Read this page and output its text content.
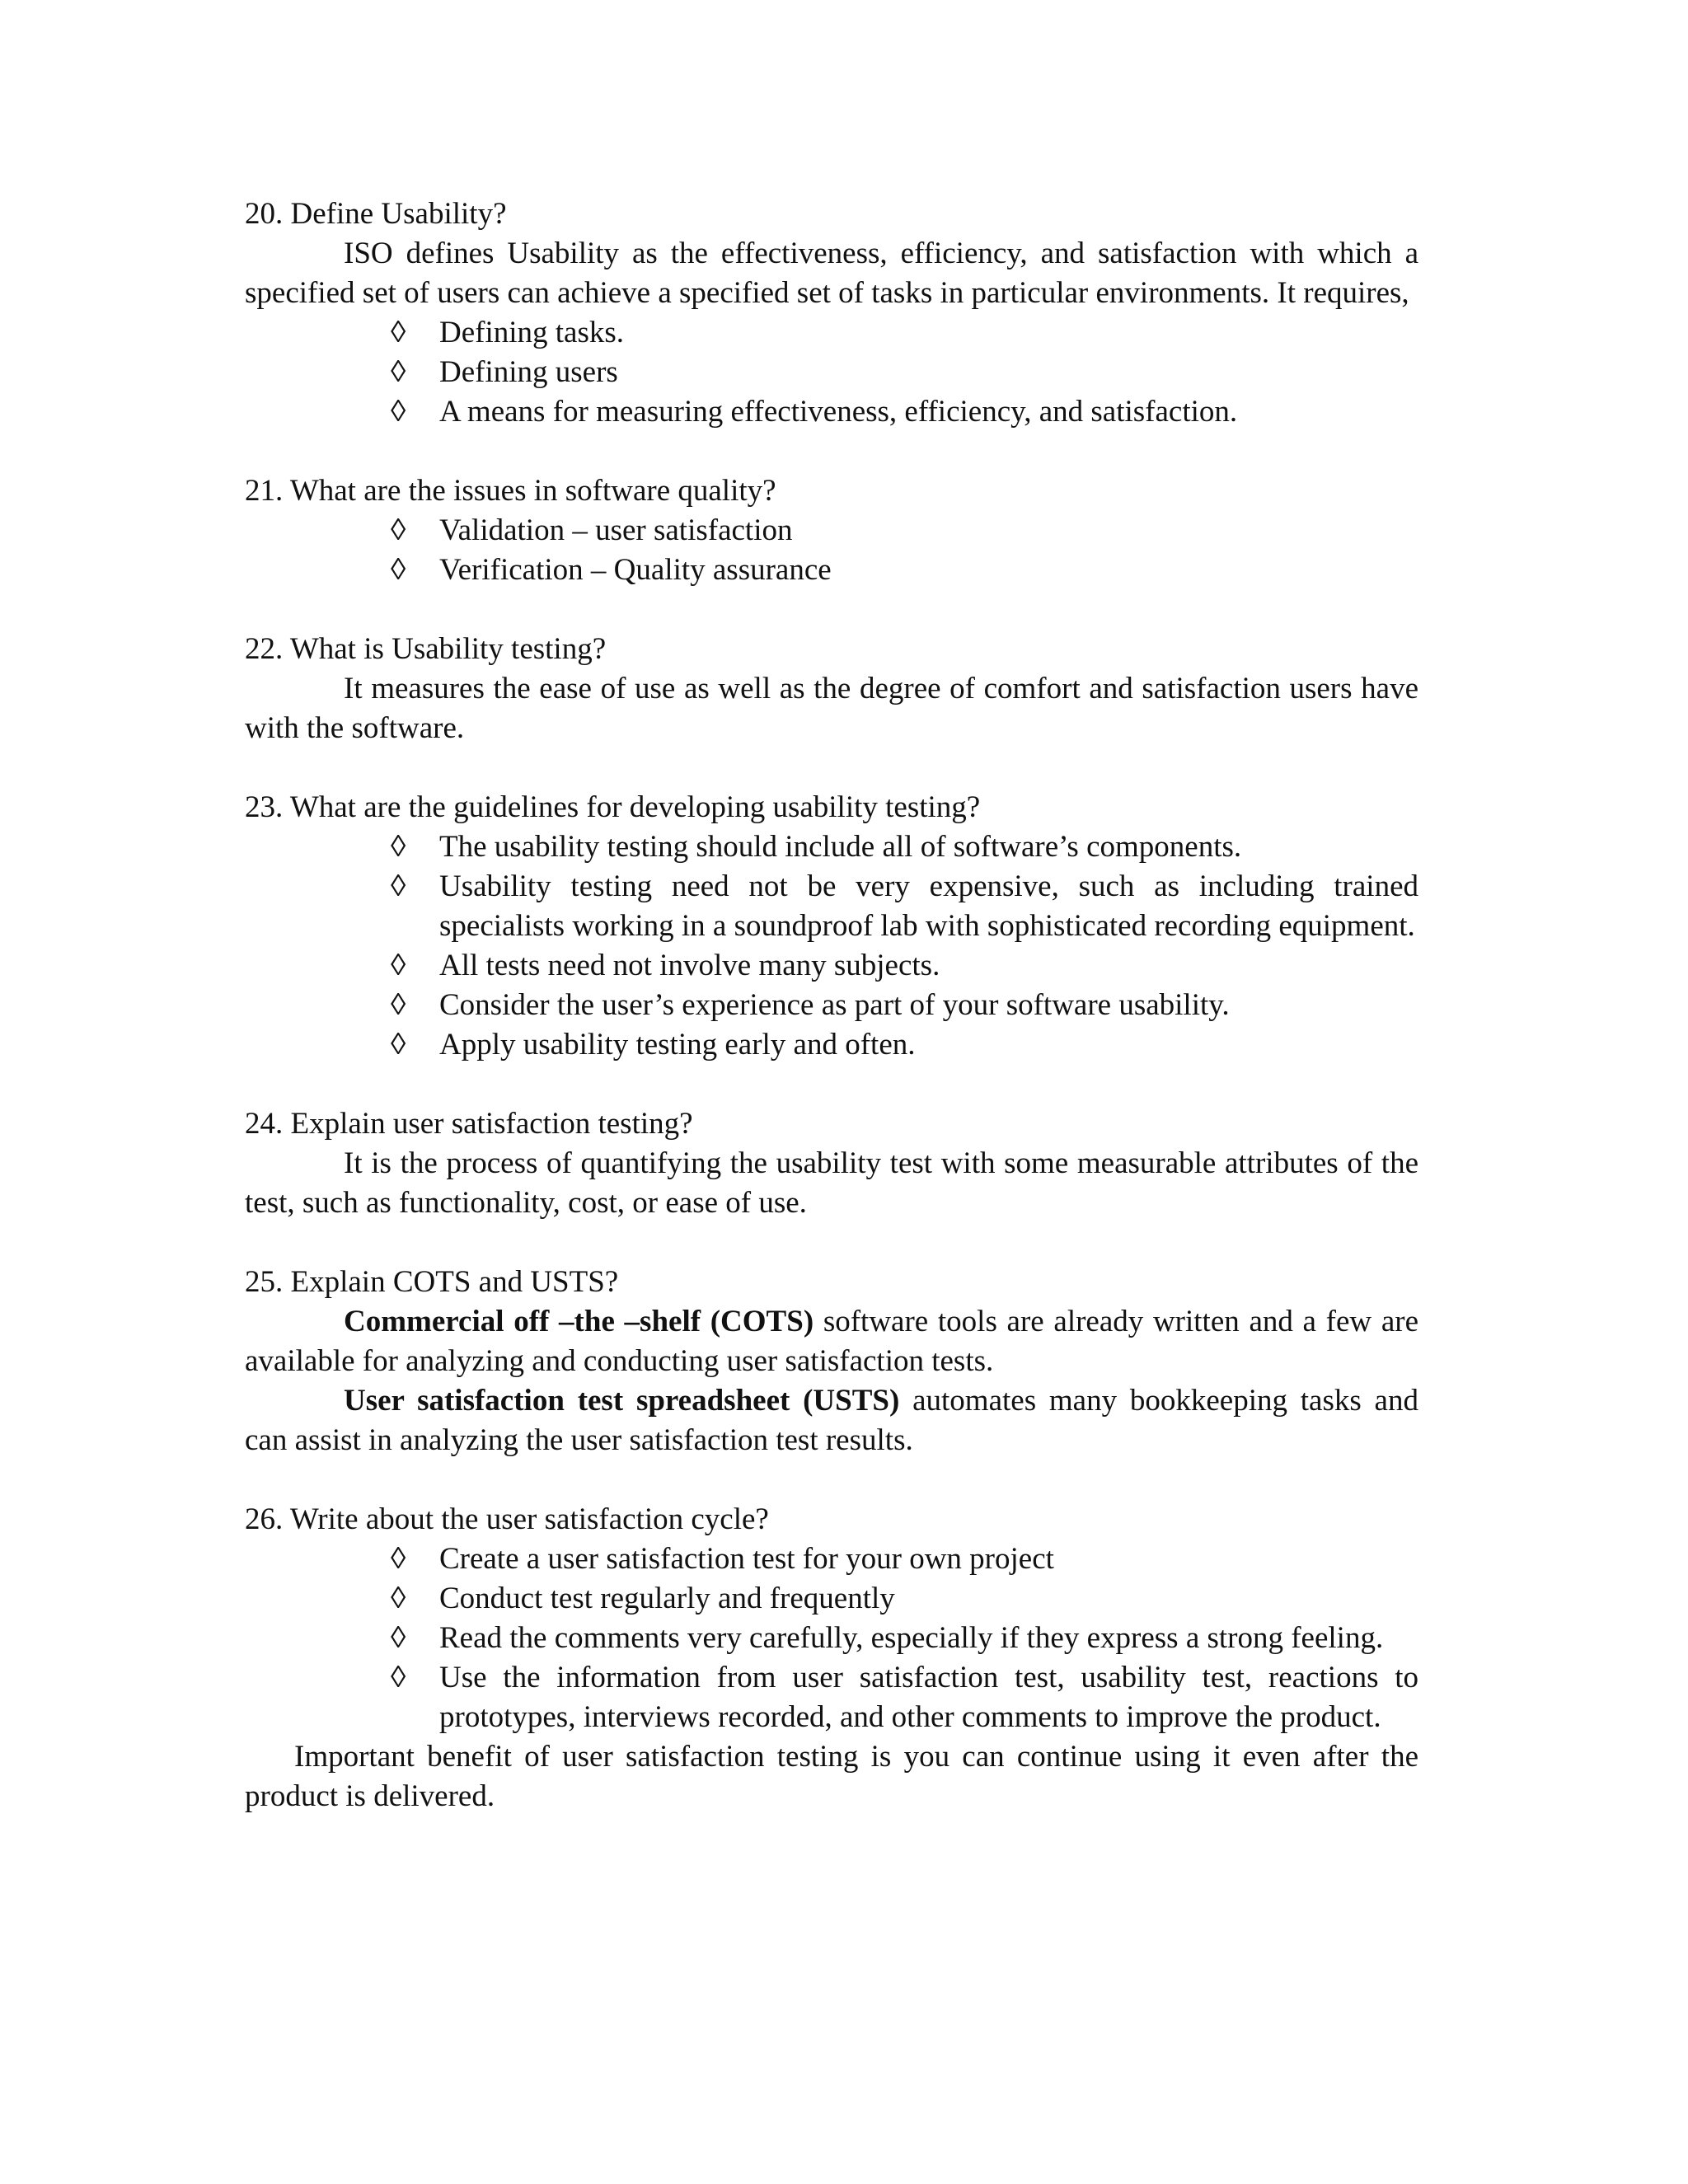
20. Define Usability?

ISO defines Usability as the effectiveness, efficiency, and satisfaction with which a specified set of users can achieve a specified set of tasks in particular environments. It requires,

◊ Defining tasks.
◊ Defining users
◊ A means for measuring effectiveness, efficiency, and satisfaction.

21. What are the issues in software quality?

◊ Validation – user satisfaction
◊ Verification – Quality assurance

22. What is Usability testing?

It measures the ease of use as well as the degree of comfort and satisfaction users have with the software.

23. What are the guidelines for developing usability testing?

◊ The usability testing should include all of software’s components.
◊ Usability testing need not be very expensive, such as including trained specialists working in a soundproof lab with sophisticated recording equipment.
◊ All tests need not involve many subjects.
◊ Consider the user’s experience as part of your software usability.
◊ Apply usability testing early and often.

24. Explain user satisfaction testing?

It is the process of quantifying the usability test with some measurable attributes of the test, such as functionality, cost, or ease of use.

25. Explain COTS and USTS?

Commercial off –the –shelf (COTS) software tools are already written and a few are available for analyzing and conducting user satisfaction tests.

User satisfaction test spreadsheet (USTS) automates many bookkeeping tasks and can assist in analyzing the user satisfaction test results.

26. Write about the user satisfaction cycle?

◊ Create a user satisfaction test for your own project
◊ Conduct test regularly and frequently
◊ Read the comments very carefully, especially if they express a strong feeling.
◊ Use the information from user satisfaction test, usability test, reactions to prototypes, interviews recorded, and other comments to improve the product.

Important benefit of user satisfaction testing is you can continue using it even after the product is delivered.
